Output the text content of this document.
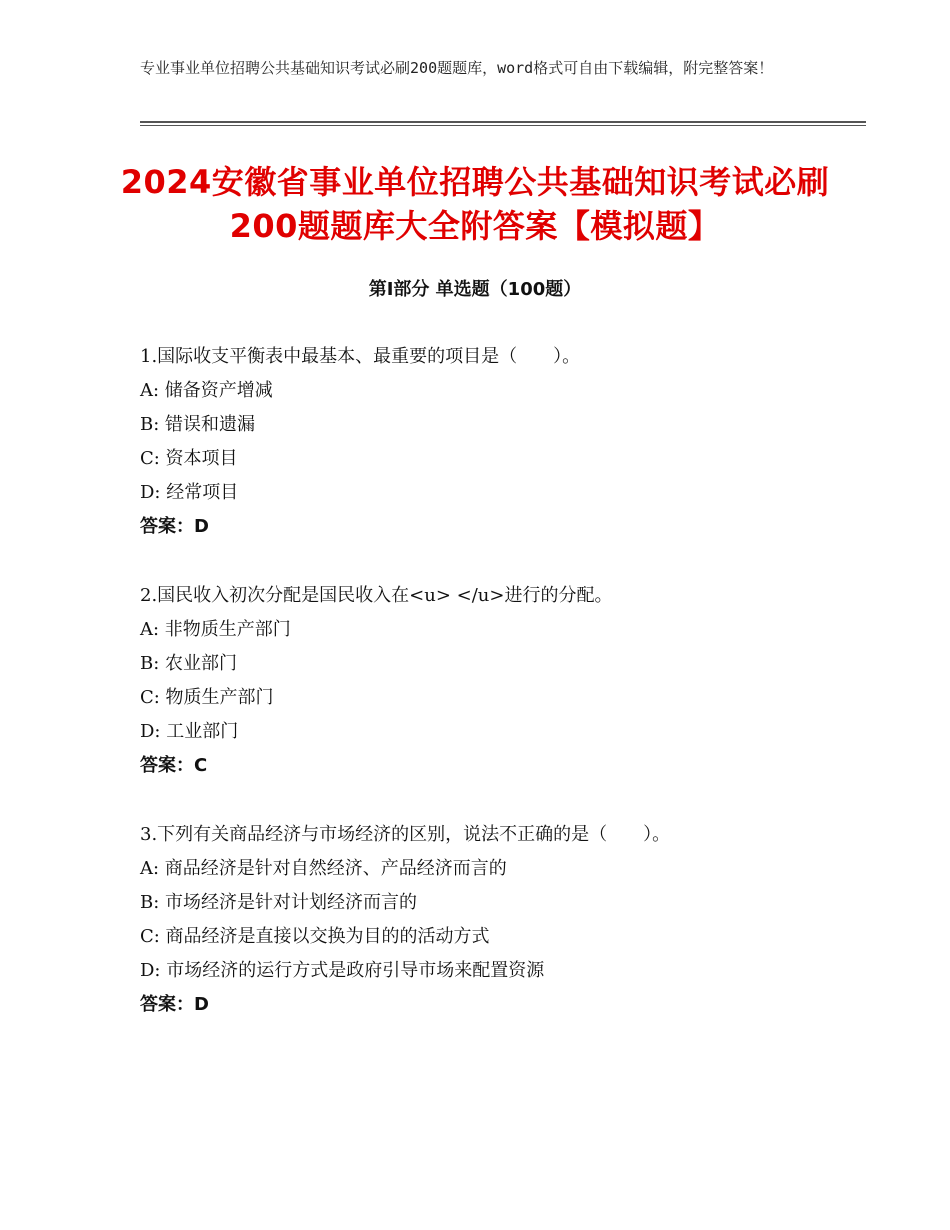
专业事业单位招聘公共基础知识考试必刷200题题库，word格式可自由下载编辑，附完整答案！
2024安徽省事业单位招聘公共基础知识考试必刷200题题库大全附答案【模拟题】
第Ⅰ部分 单选题（100题）
1.国际收支平衡表中最基本、最重要的项目是（　　）。
A: 储备资产增减
B: 错误和遗漏
C: 资本项目
D: 经常项目
答案：D
2.国民收入初次分配是国民收入在<u> </u>进行的分配。
A: 非物质生产部门
B: 农业部门
C: 物质生产部门
D: 工业部门
答案：C
3.下列有关商品经济与市场经济的区别，说法不正确的是（　　）。
A: 商品经济是针对自然经济、产品经济而言的
B: 市场经济是针对计划经济而言的
C: 商品经济是直接以交换为目的的活动方式
D: 市场经济的运行方式是政府引导市场来配置资源
答案：D
